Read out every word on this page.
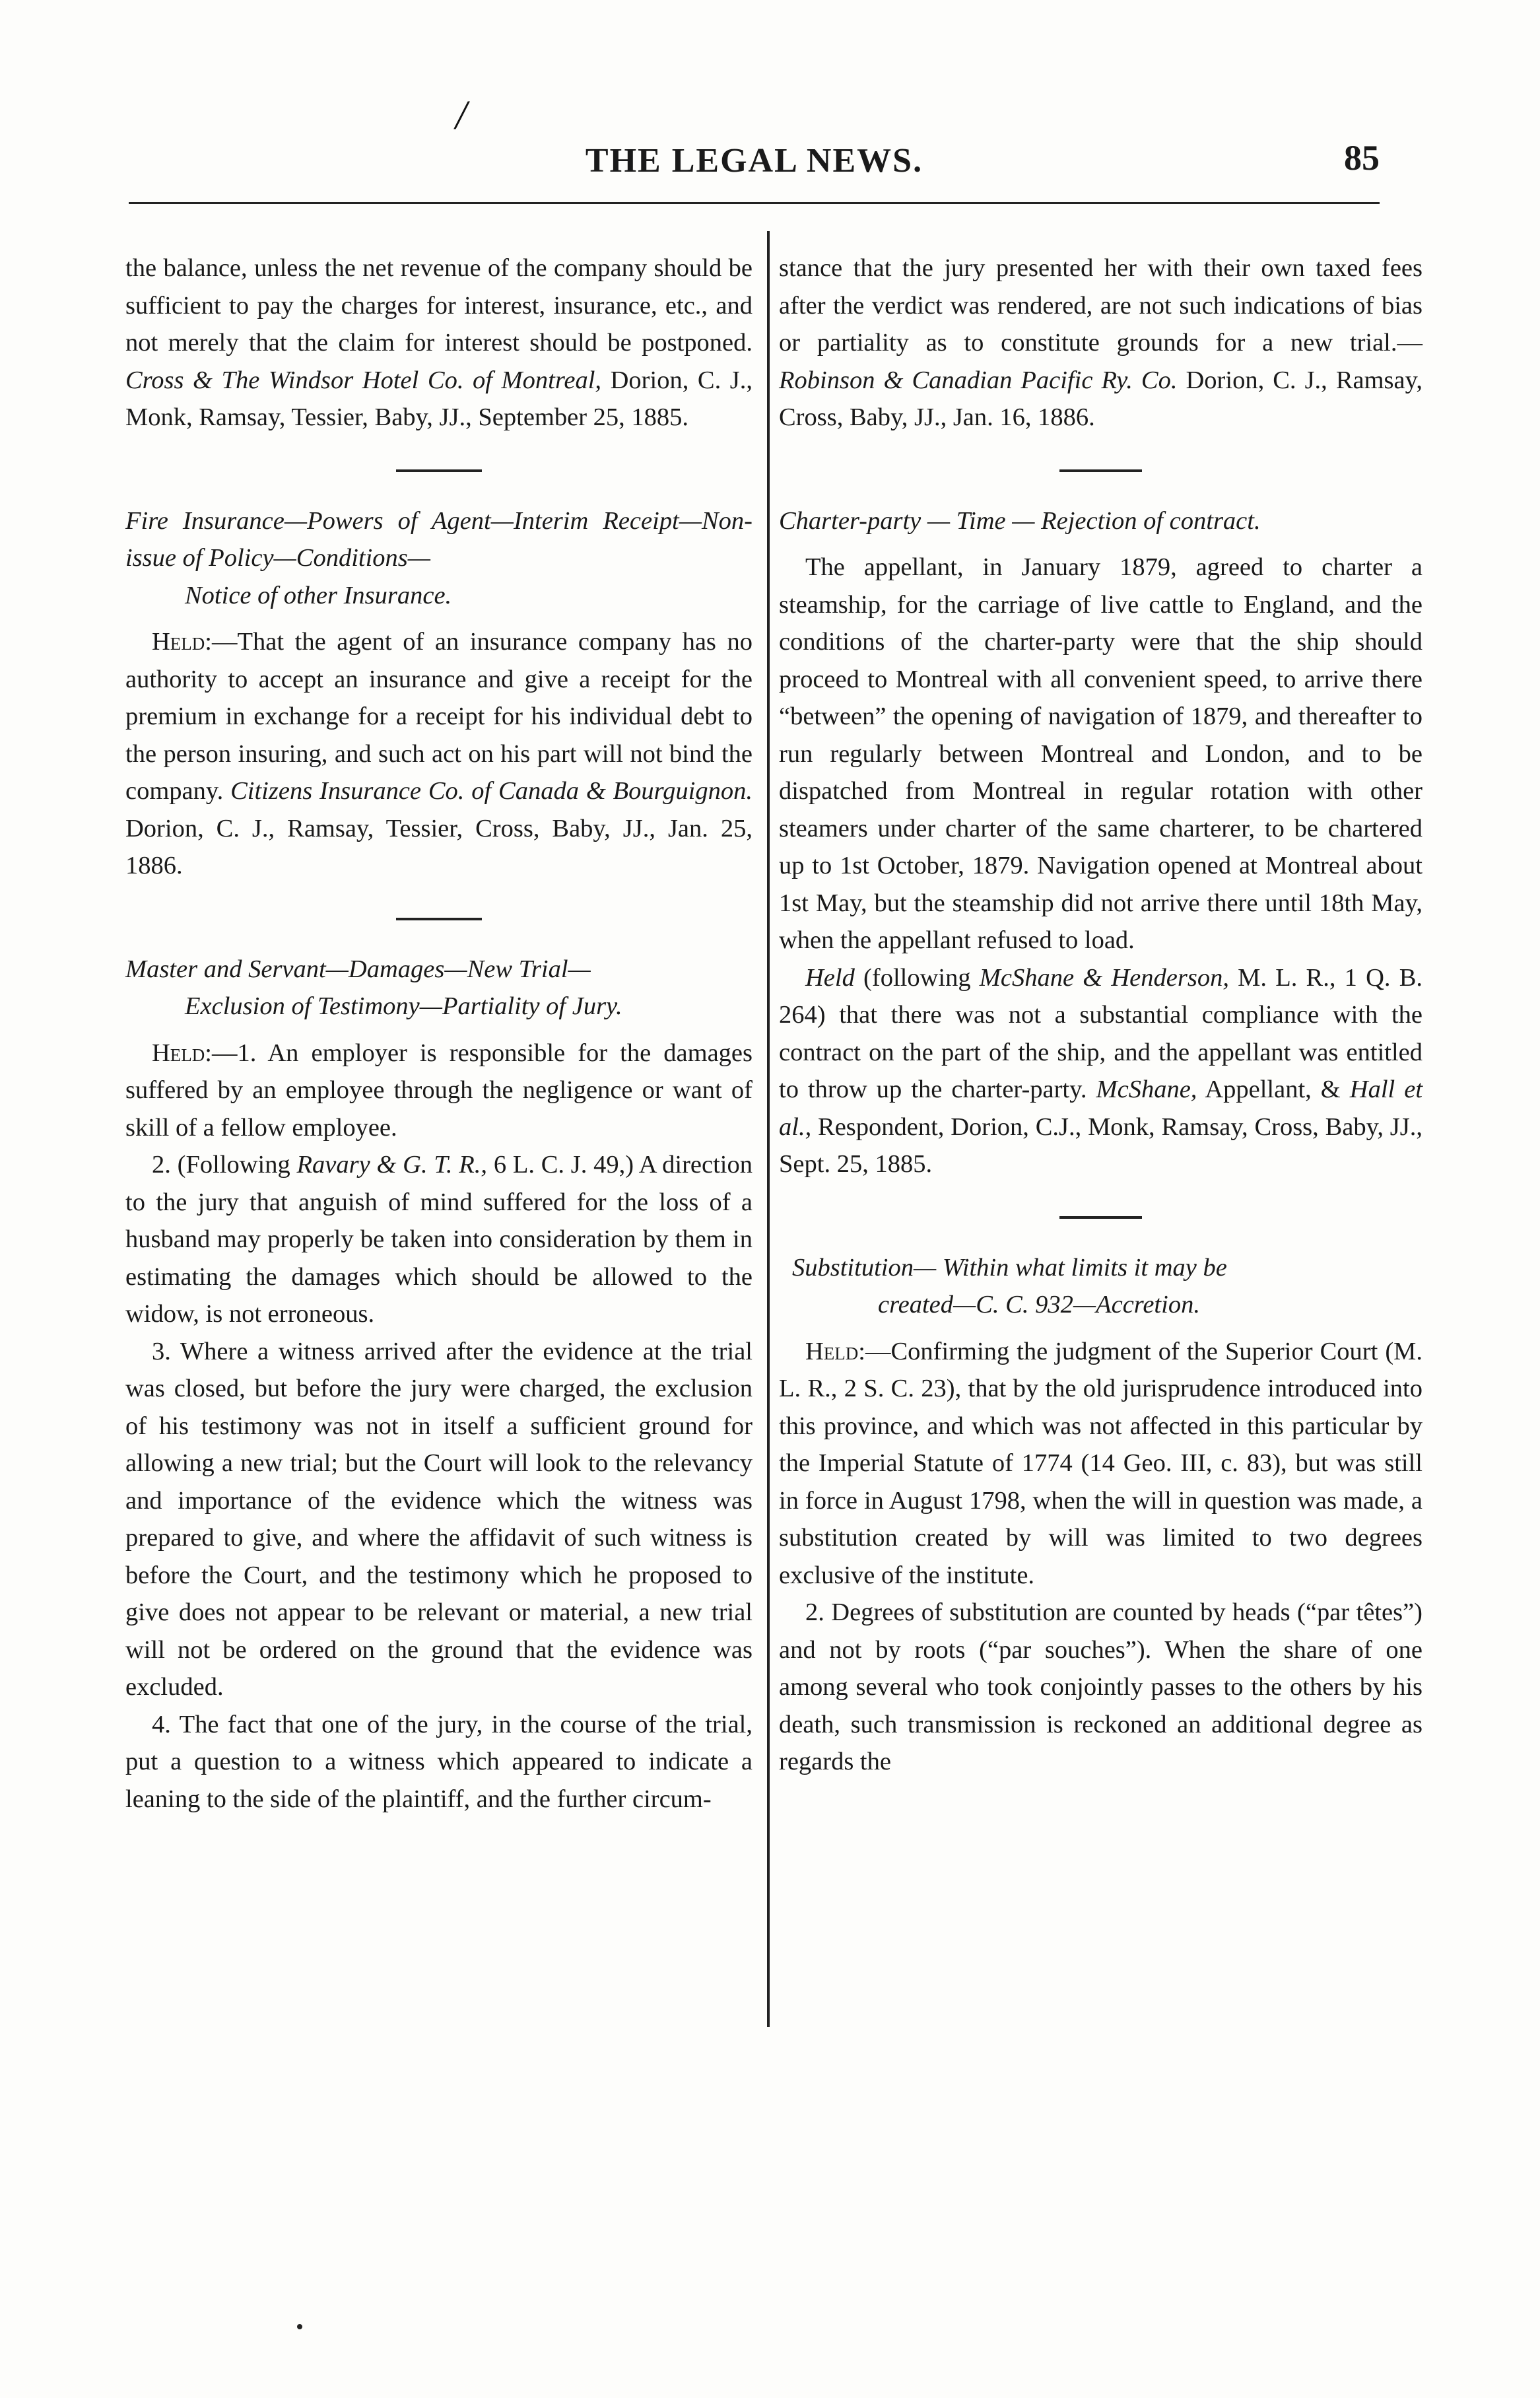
/
THE LEGAL NEWS.	85

the balance, unless the net revenue of the company should be sufficient to pay the charges for interest, insurance, etc., and not merely that the claim for interest should be postponed. Cross & The Windsor Hotel Co. of Montreal, Dorion, C. J., Monk, Ramsay, Tessier, Baby, JJ., September 25, 1885.

Fire Insurance—Powers of Agent—Interim Receipt—Non-issue of Policy—Conditions—

Notice of other Insurance.

Held:—That the agent of an insurance company has no authority to accept an insurance and give a receipt for the premium in exchange for a receipt for his individual debt to the person insuring, and such act on his part will not bind the company. Citizens Insurance Co. of Canada & Bourguignon. Dorion, C. J., Ramsay, Tessier, Cross, Baby, JJ., Jan. 25, 1886.

Master and Servant—Damages—New Trial—

Exclusion of Testimony—Partiality of Jury.

Held:—1. An employer is responsible for the damages suffered by an employee through the negligence or want of skill of a fellow employee.

2. (Following Ravary & G. T. R., 6 L. C. J. 49,) A direction to the jury that anguish of mind suffered for the loss of a husband may properly be taken into consideration by them in estimating the damages which should be allowed to the widow, is not erroneous.

3. Where a witness arrived after the evidence at the trial was closed, but before the jury were charged, the exclusion of his testimony was not in itself a sufficient ground for allowing a new trial; but the Court will look to the relevancy and importance of the evidence which the witness was prepared to give, and where the affidavit of such witness is before the Court, and the testimony which he proposed to give does not appear to be relevant or material, a new trial will not be ordered on the ground that the evidence was excluded.

4. The fact that one of the jury, in the course of the trial, put a question to a witness which appeared to indicate a leaning to the side of the plaintiff, and the further circum-

stance that the jury presented her with their own taxed fees after the verdict was rendered, are not such indications of bias or partiality as to constitute grounds for a new trial.— Robinson & Canadian Pacific Ry. Co. Dorion, C. J., Ramsay, Cross, Baby, JJ., Jan. 16, 1886.

Charter-party — Time — Rejection of contract.

The appellant, in January 1879, agreed to charter a steamship, for the carriage of live cattle to England, and the conditions of the charter-party were that the ship should proceed to Montreal with all convenient speed, to arrive there “between” the opening of navigation of 1879, and thereafter to run regularly between Montreal and London, and to be dispatched from Montreal in regular rotation with other steamers under charter of the same charterer, to be chartered up to 1st October, 1879. Navigation opened at Montreal about 1st May, but the steamship did not arrive there until 18th May, when the appellant refused to load.

Held (following McShane & Henderson, M. L. R., 1 Q. B. 264) that there was not a substantial compliance with the contract on the part of the ship, and the appellant was entitled to throw up the charter-party. McShane, Appellant, & Hall et al., Respondent, Dorion, C.J., Monk, Ramsay, Cross, Baby, JJ., Sept. 25, 1885.

Substitution— Within what limits it may be

created—C. C. 932—Accretion.

Held:—Confirming the judgment of the Superior Court (M. L. R., 2 S. C. 23), that by the old jurisprudence introduced into this province, and which was not affected in this particular by the Imperial Statute of 1774 (14 Geo. III, c. 83), but was still in force in August 1798, when the will in question was made, a substitution created by will was limited to two degrees exclusive of the institute.

2. Degrees of substitution are counted by heads (“par têtes”) and not by roots (“par souches”). When the share of one among several who took conjointly passes to the others by his death, such transmission is reckoned an additional degree as regards the
